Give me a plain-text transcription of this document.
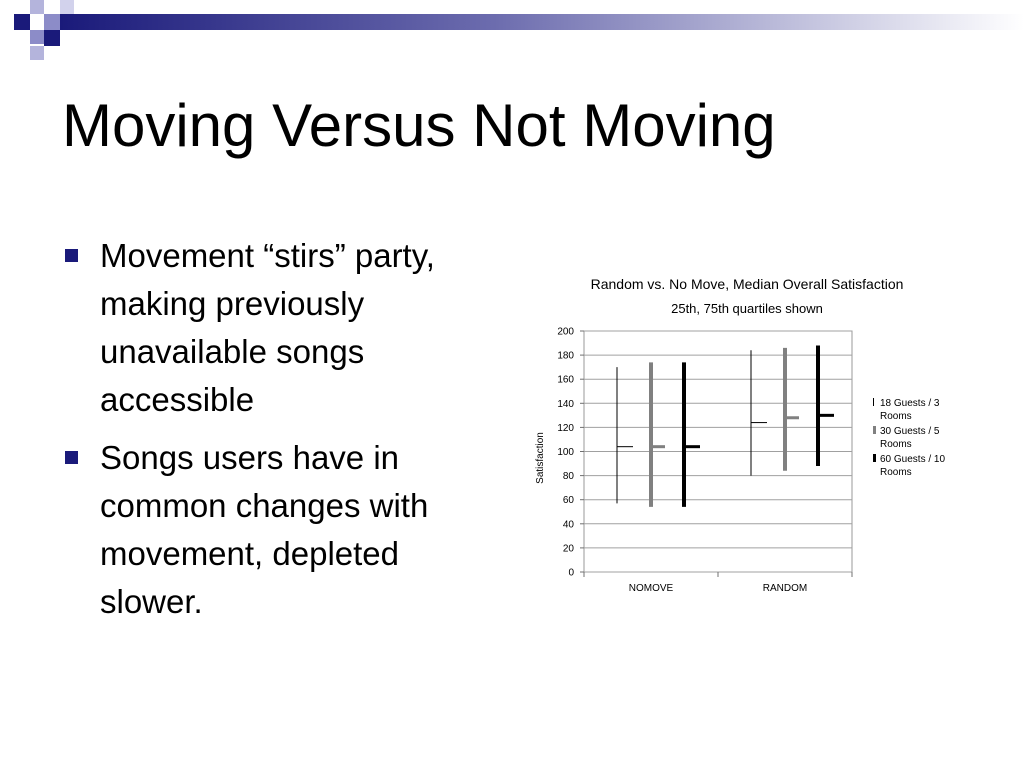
Moving Versus Not Moving
Movement “stirs” party, making previously unavailable songs accessible
Songs users have in common changes with movement, depleted slower.
Random vs. No Move, Median Overall Satisfaction
25th, 75th quartiles shown
Satisfaction
0
20
40
60
80
100
120
140
160
180
200
NOMOVE	RANDOM
18 Guests / 3 Rooms
30 Guests / 5 Rooms
60 Guests / 10 Rooms
